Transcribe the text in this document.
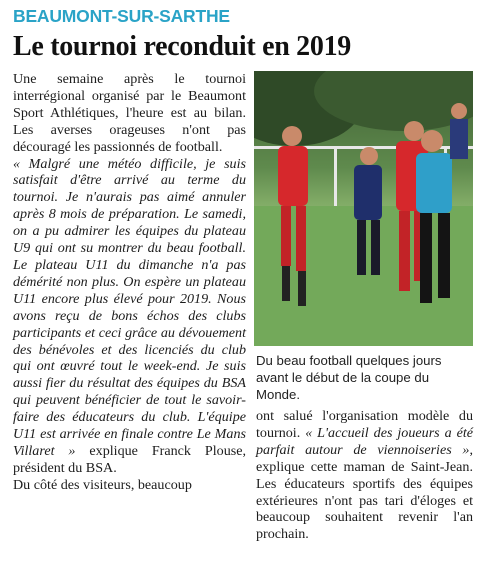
BEAUMONT-SUR-SARTHE
Le tournoi reconduit en 2019

Une semaine après le tournoi interrégional organisé par le Beaumont Sport Athlétiques, l'heure est au bilan. Les averses orageuses n'ont pas découragé les passionnés de football.

« Malgré une météo difficile, je suis satisfait d'être arrivé au terme du tournoi. Je n'aurais pas aimé annuler après 8 mois de préparation. Le samedi, on a pu admirer les équipes du plateau U9 qui ont su montrer du beau football. Le plateau U11 du dimanche n'a pas démérité non plus. On espère un plateau U11 encore plus élevé pour 2019. Nous avons reçu de bons échos des clubs participants et ceci grâce au dévouement des bénévoles et des licenciés du club qui ont œuvré tout le week-end. Je suis aussi fier du résultat des équipes du BSA qui peuvent bénéficier de tout le savoir-faire des éducateurs du club. L'équipe U11 est arrivée en finale contre Le Mans Villaret » explique Franck Plouse, président du BSA.

Du côté des visiteurs, beaucoup

Du beau football quelques jours avant le début de la coupe du Monde.

ont salué l'organisation modèle du tournoi. « L'accueil des joueurs a été parfait autour de viennoiseries », explique cette maman de Saint-Jean. Les éducateurs sportifs des équipes extérieures n'ont pas tari d'éloges et beaucoup souhaitent revenir l'an prochain.
